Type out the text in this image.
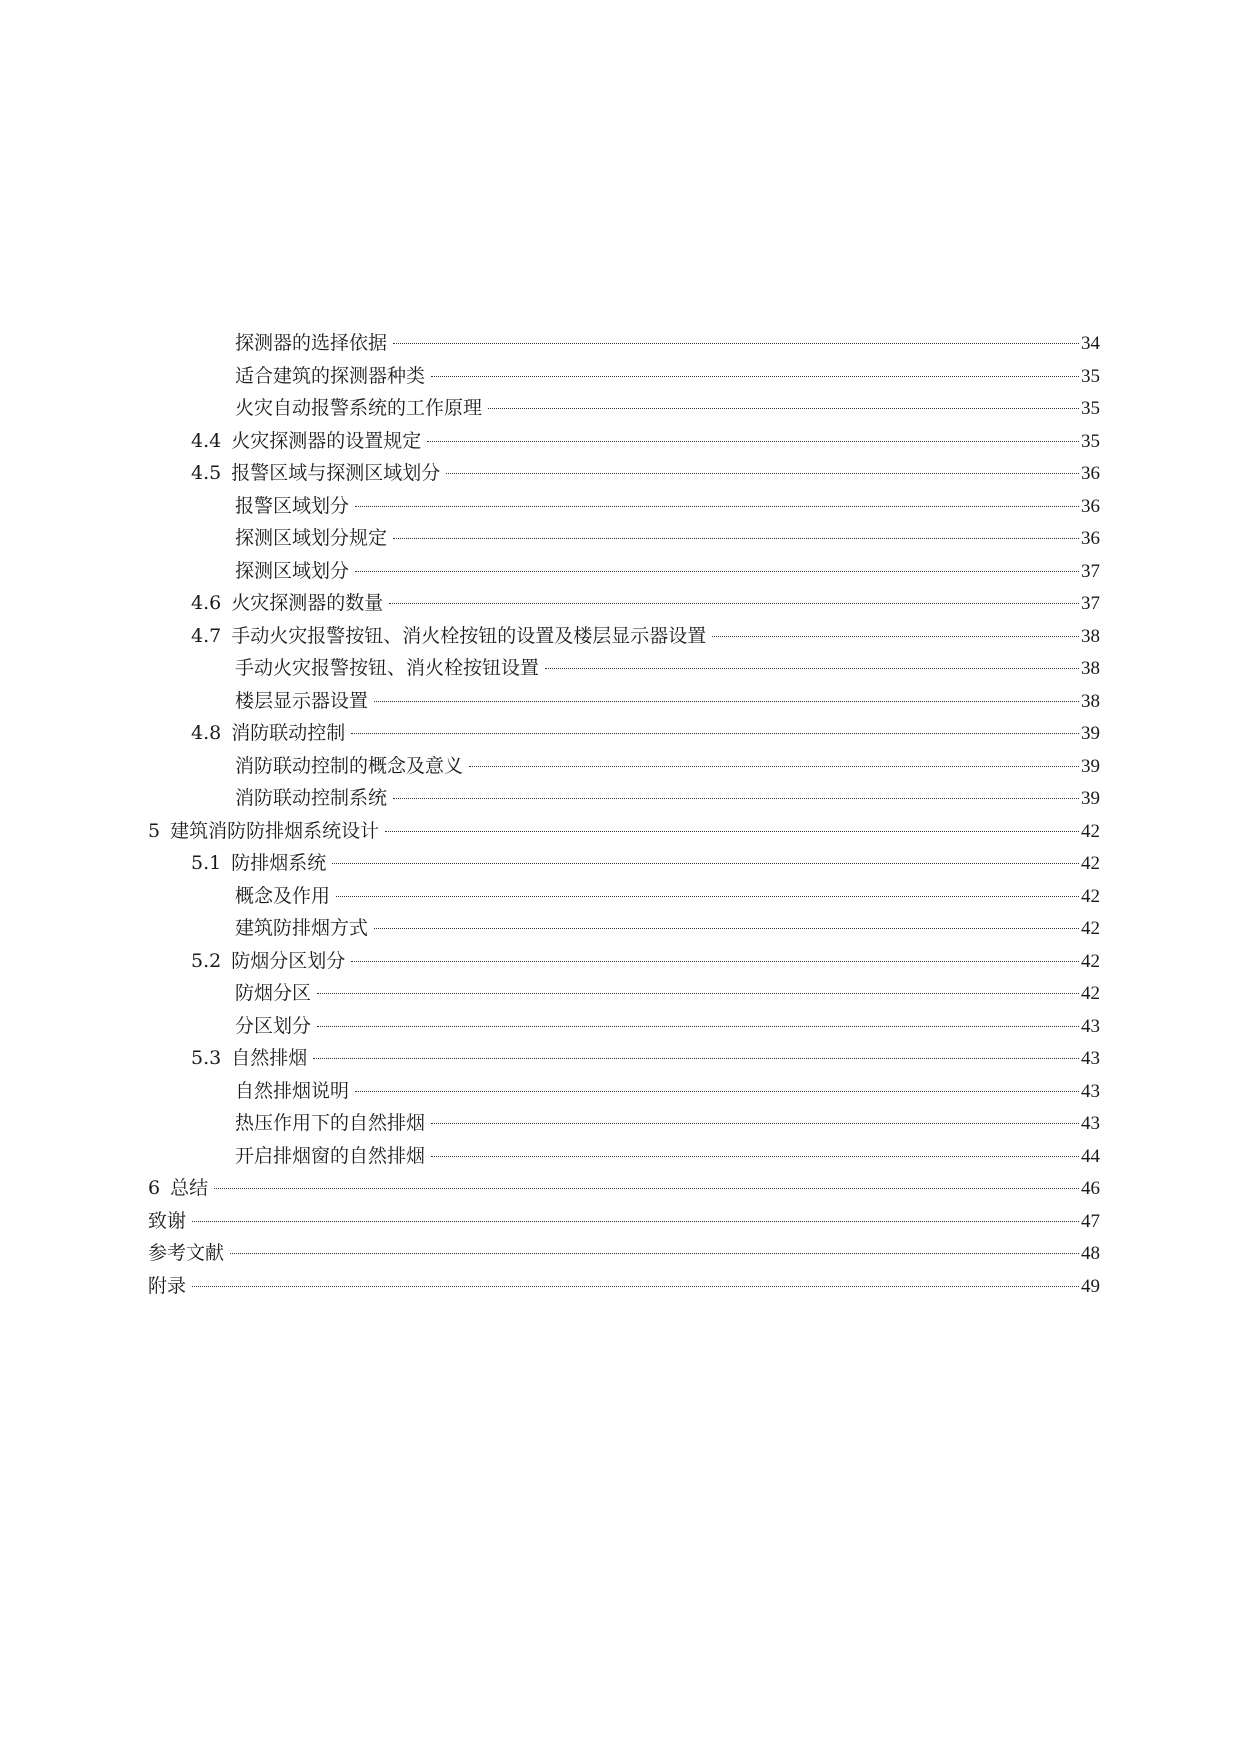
探测器的选择依据	34
适合建筑的探测器种类	35
火灾自动报警系统的工作原理	35
4.4 火灾探测器的设置规定	35
4.5 报警区域与探测区域划分	36
报警区域划分	36
探测区域划分规定	36
探测区域划分	37
4.6 火灾探测器的数量	37
4.7 手动火灾报警按钮、消火栓按钮的设置及楼层显示器设置	38
手动火灾报警按钮、消火栓按钮设置	38
楼层显示器设置	38
4.8 消防联动控制	39
消防联动控制的概念及意义	39
消防联动控制系统	39
5 建筑消防防排烟系统设计	42
5.1 防排烟系统	42
概念及作用	42
建筑防排烟方式	42
5.2 防烟分区划分	42
防烟分区	42
分区划分	43
5.3 自然排烟	43
自然排烟说明	43
热压作用下的自然排烟	43
开启排烟窗的自然排烟	44
6 总结	46
致谢	47
参考文献	48
附录	49
